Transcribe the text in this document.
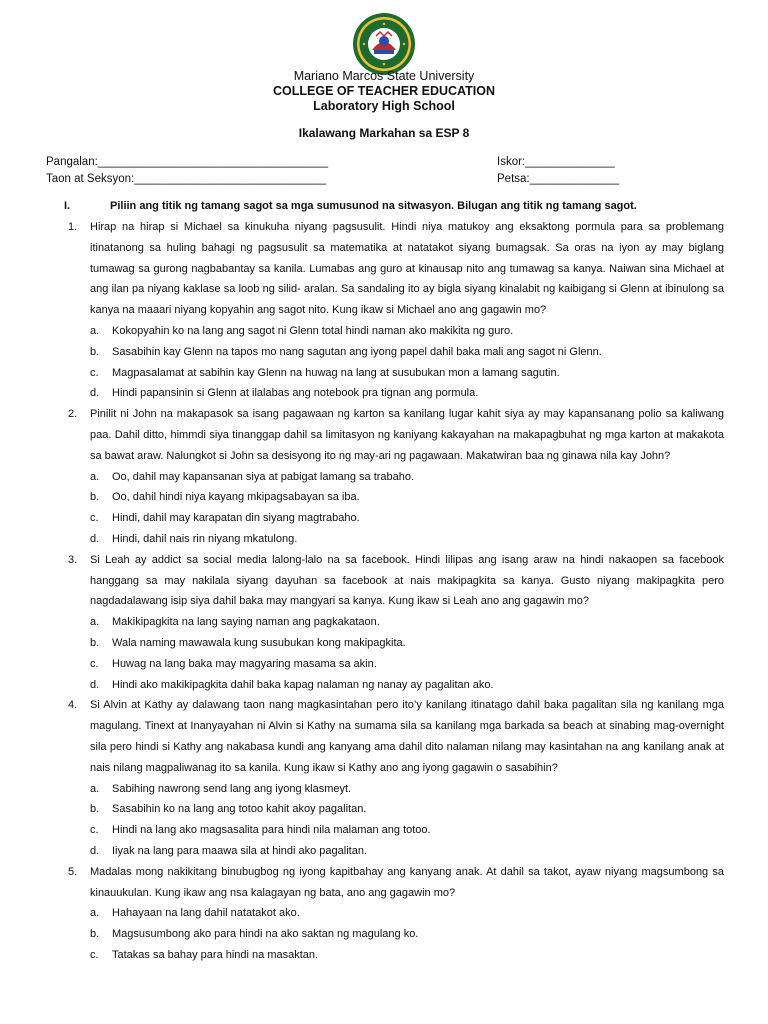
Mariano Marcos State University
COLLEGE OF TEACHER EDUCATION
Laboratory High School
Ikalawang Markahan sa ESP 8
Pangalan:____________________________________
Taon at Seksyon:______________________________
Iskor:______________
Petsa:______________
I.	Piliin ang titik ng tamang sagot sa mga sumusunod na sitwasyon. Bilugan ang titik ng tamang sagot.
1. Hirap na hirap si Michael sa kinukuha niyang pagsusulit. Hindi niya matukoy ang eksaktong pormula para sa problemang itinatanong sa huling bahagi ng pagsusulit sa matematika at natatakot siyang bumagsak. Sa oras na iyon ay may biglang tumawag sa gurong nagbabantay sa kanila. Lumabas ang guro at kinausap nito ang tumawag sa kanya. Naiwan sina Michael at ang ilan pa niyang kaklase sa loob ng silid- aralan. Sa sandaling ito ay bigla siyang kinalabit ng kaibigang si Glenn at ibinulong sa kanya na maaari niyang kopyahin ang sagot nito. Kung ikaw si Michael ano ang gagawin mo?

a. Kokopyahin ko na lang ang sagot ni Glenn total hindi naman ako makikita ng guro.
b. Sasabihin kay Glenn na tapos mo nang sagutan ang iyong papel dahil baka mali ang sagot ni Glenn.
c. Magpasalamat at sabihin kay Glenn na huwag na lang at susubukan mon a lamang sagutin.
d. Hindi papansinin si Glenn at ilalabas ang notebook pra tignan ang pormula.
2. Pinilit ni John na makapasok sa isang pagawaan ng karton sa kanilang lugar kahit siya ay may kapansanang polio sa kaliwang paa. Dahil ditto, himmdi siya tinanggap dahil sa limitasyon ng kaniyang kakayahan na makapagbuhat ng mga karton at makakota sa bawat araw. Nalungkot si John sa desisyong ito ng may-ari ng pagawaan. Makatwiran baa ng ginawa nila kay John?

a. Oo, dahil may kapansanan siya at pabigat lamang sa trabaho.
b. Oo, dahil hindi niya kayang mkipagsabayan sa iba.
c. Hindi, dahil may karapatan din siyang magtrabaho.
d. Hindi, dahil nais rin niyang mkatulong.
3. Si Leah ay addict sa social media lalong-lalo na sa facebook. Hindi lilipas ang isang araw na hindi nakaopen sa facebook hanggang sa may nakilala siyang dayuhan sa facebook at nais makipagkita sa kanya. Gusto niyang makipagkita pero nagdadalawang isip siya dahil baka may mangyari sa kanya. Kung ikaw si Leah ano ang gagawin mo?

a. Makikipagkita na lang saying naman ang pagkakataon.
b. Wala naming mawawala kung susubukan kong makipagkita.
c. Huwag na lang baka may magyaring masama sa akin.
d. Hindi ako makikipagkita dahil baka kapag nalaman ng nanay ay pagalitan ako.
4. Si Alvin at Kathy ay dalawang taon nang magkasintahan pero ito’y kanilang itinatago dahil baka pagalitan sila ng kanilang mga magulang. Tinext at Inanyayahan ni Alvin si Kathy na sumama sila sa kanilang mga barkada sa beach at sinabing mag-overnight sila pero hindi si Kathy ang nakabasa kundi ang kanyang ama dahil dito nalaman nilang may kasintahan na ang kanilang anak at nais nilang magpaliwanag ito sa kanila. Kung ikaw si Kathy ano ang iyong gagawin o sasabihin?

a. Sabihing nawrong send lang ang iyong klasmeyt.
b. Sasabihin ko na lang ang totoo kahit akoy pagalitan.
c. Hindi na lang ako magsasalita para hindi nila malaman ang totoo.
d. Iiyak na lang para maawa sila at hindi ako pagalitan.
5. Madalas mong nakikitang binubugbog ng iyong kapitbahay ang kanyang anak. At dahil sa takot, ayaw niyang magsumbong sa kinauukulan. Kung ikaw ang nsa kalagayan ng bata, ano ang gagawin mo?

a. Hahayaan na lang dahil natatakot ako.
b. Magsusumbong ako para hindi na ako saktan ng magulang ko.
c. Tatakas sa bahay para hindi na masaktan.
